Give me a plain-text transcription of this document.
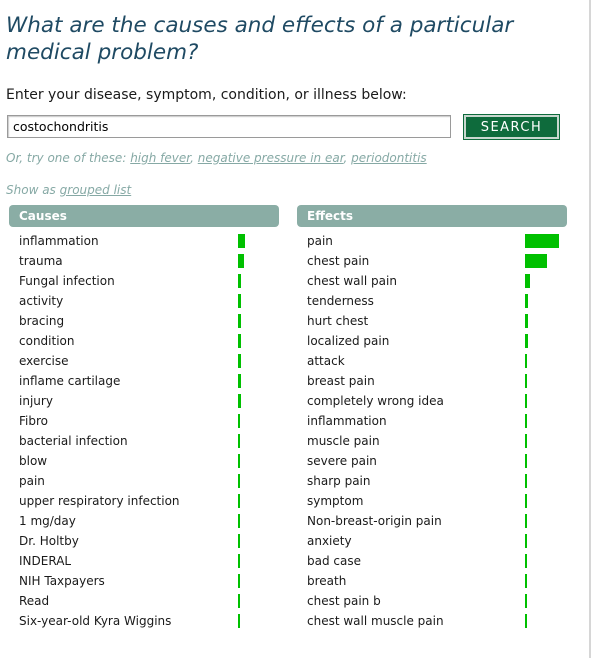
What are the causes and effects of a particular medical problem?
Enter your disease, symptom, condition, or illness below:
costochondritis
SEARCH
Or, try one of these: high fever, negative pressure in ear, periodontitis
Show as grouped list
Causes	Effects
inflammation
trauma
Fungal infection
activity
bracing
condition
exercise
inflame cartilage
injury
Fibro
bacterial infection
blow
pain
upper respiratory infection
1 mg/day
Dr. Holtby
INDERAL
NIH Taxpayers
Read
Six-year-old Kyra Wiggins
pain
chest pain
chest wall pain
tenderness
hurt chest
localized pain
attack
breast pain
completely wrong idea
inflammation
muscle pain
severe pain
sharp pain
symptom
Non-breast-origin pain
anxiety
bad case
breath
chest pain b
chest wall muscle pain
